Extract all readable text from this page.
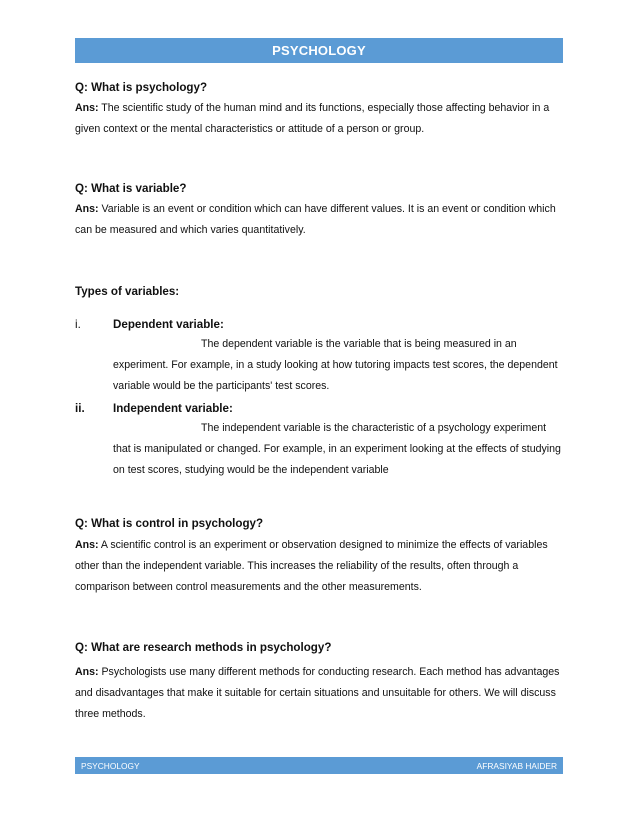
PSYCHOLOGY

Q: What is psychology?

Ans: The scientific study of the human mind and its functions, especially those affecting behavior in a given context or the mental characteristics or attitude of a person or group.

Q: What is variable?

Ans: Variable is an event or condition which can have different values. It is an event or condition which can be measured and which varies quantitatively.

Types of variables:

i.	Dependent variable:
The dependent variable is the variable that is being measured in an
experiment. For example, in a study looking at how tutoring impacts test scores, the dependent variable would be the participants' test scores.
ii. Independent variable:
The independent variable is the characteristic of a psychology experiment
that is manipulated or changed. For example, in an experiment looking at the effects of studying on test scores, studying would be the independent variable

Q: What is control in psychology?

Ans: A scientific control is an experiment or observation designed to minimize the effects of variables other than the independent variable. This increases the reliability of the results, often through a comparison between control measurements and the other measurements.

Q: What are research methods in psychology?

Ans: Psychologists use many different methods for conducting research. Each method has advantages and disadvantages that make it suitable for certain situations and unsuitable for others. We will discuss three methods.

PSYCHOLOGY	AFRASIYAB HAIDER
